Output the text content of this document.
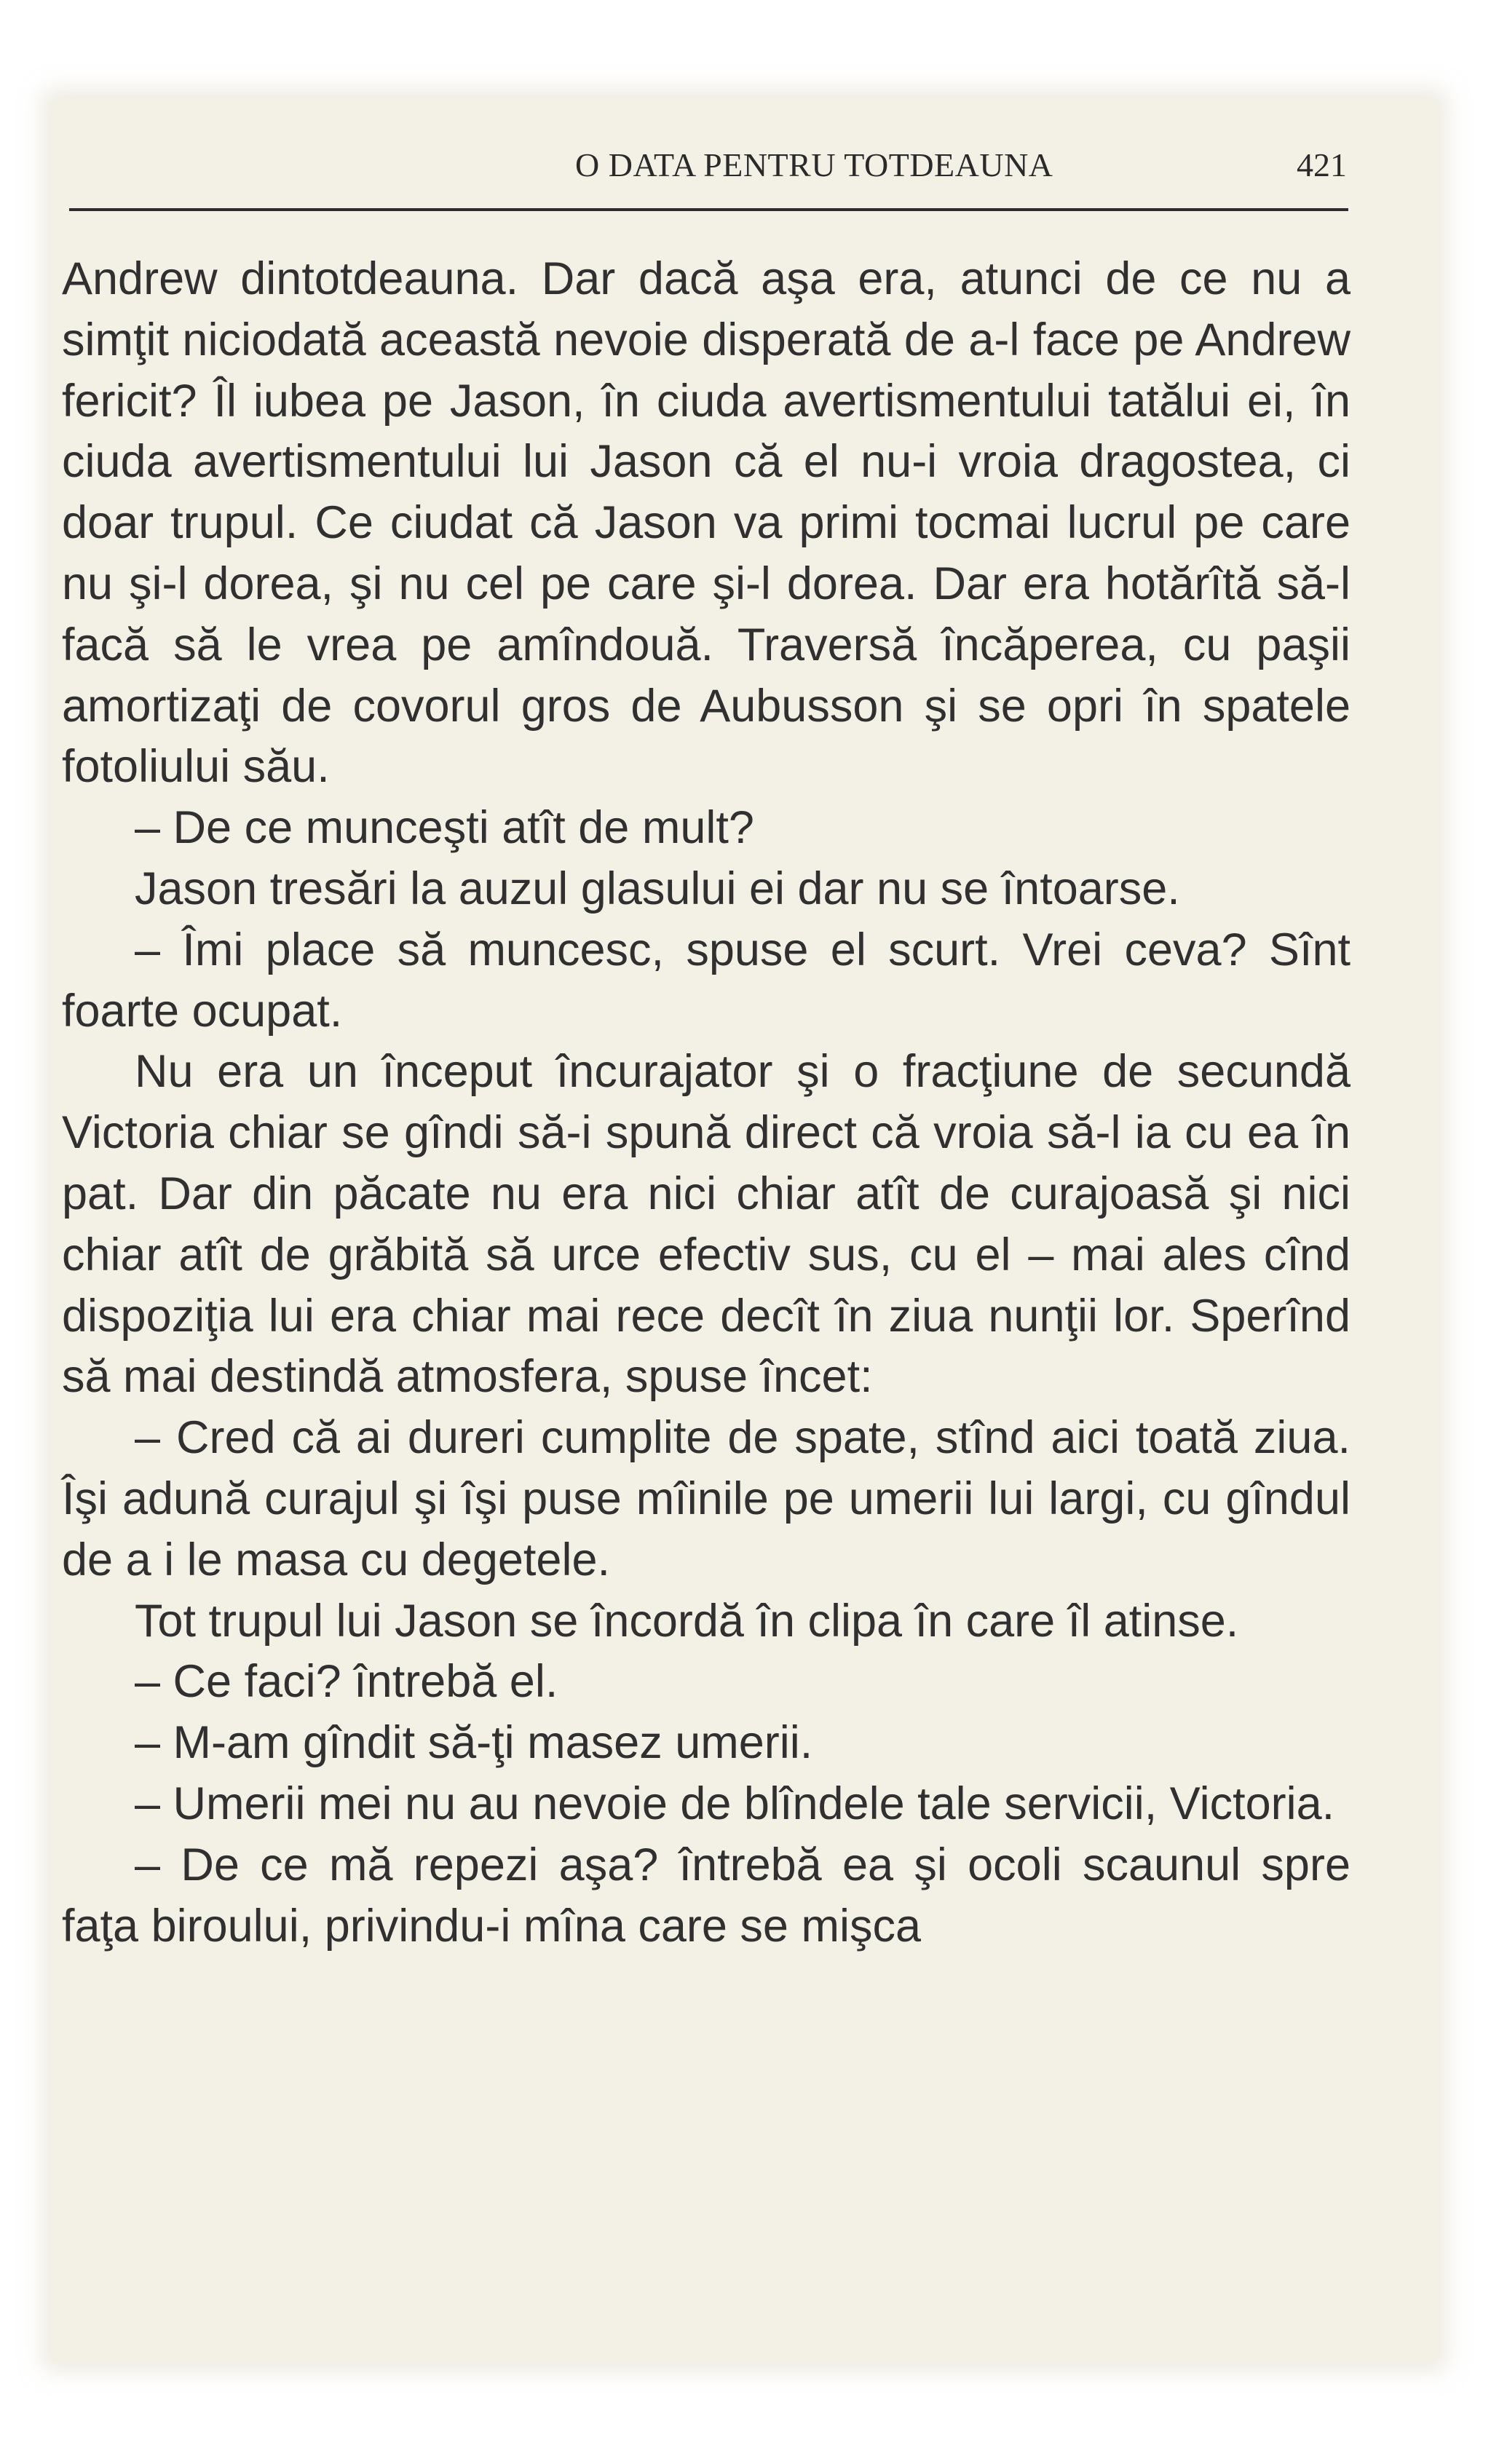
O DATA PENTRU TOTDEAUNA	421

Andrew dintotdeauna. Dar dacă aşa era, atunci de ce nu a simţit niciodată această nevoie disperată de a-l face pe Andrew fericit? Îl iubea pe Jason, în ciuda avertismentului tatălui ei, în ciuda avertismentului lui Jason că el nu-i vroia dragostea, ci doar trupul. Ce ciudat că Jason va primi tocmai lucrul pe care nu şi-l dorea, şi nu cel pe care şi-l dorea. Dar era hotărîtă să-l facă să le vrea pe amîndouă. Traversă încăperea, cu paşii amortizaţi de covorul gros de Aubusson şi se opri în spatele fotoliului său.

– De ce munceşti atît de mult?

Jason tresări la auzul glasului ei dar nu se întoarse.

– Îmi place să muncesc, spuse el scurt. Vrei ceva? Sînt foarte ocupat.

Nu era un început încurajator şi o fracţiune de secundă Victoria chiar se gîndi să-i spună direct că vroia să-l ia cu ea în pat. Dar din păcate nu era nici chiar atît de curajoasă şi nici chiar atît de grăbită să urce efectiv sus, cu el – mai ales cînd dispoziţia lui era chiar mai rece decît în ziua nunţii lor. Sperînd să mai destindă atmosfera, spuse încet:

– Cred că ai dureri cumplite de spate, stînd aici toată ziua. Îşi adună curajul şi îşi puse mîinile pe umerii lui largi, cu gîndul de a i le masa cu degetele.

Tot trupul lui Jason se încordă în clipa în care îl atinse.

– Ce faci? întrebă el.

– M-am gîndit să-ţi masez umerii.

– Umerii mei nu au nevoie de blîndele tale servicii, Victoria.

– De ce mă repezi aşa? întrebă ea şi ocoli scaunul spre faţa biroului, privindu-i mîna care se mişca
